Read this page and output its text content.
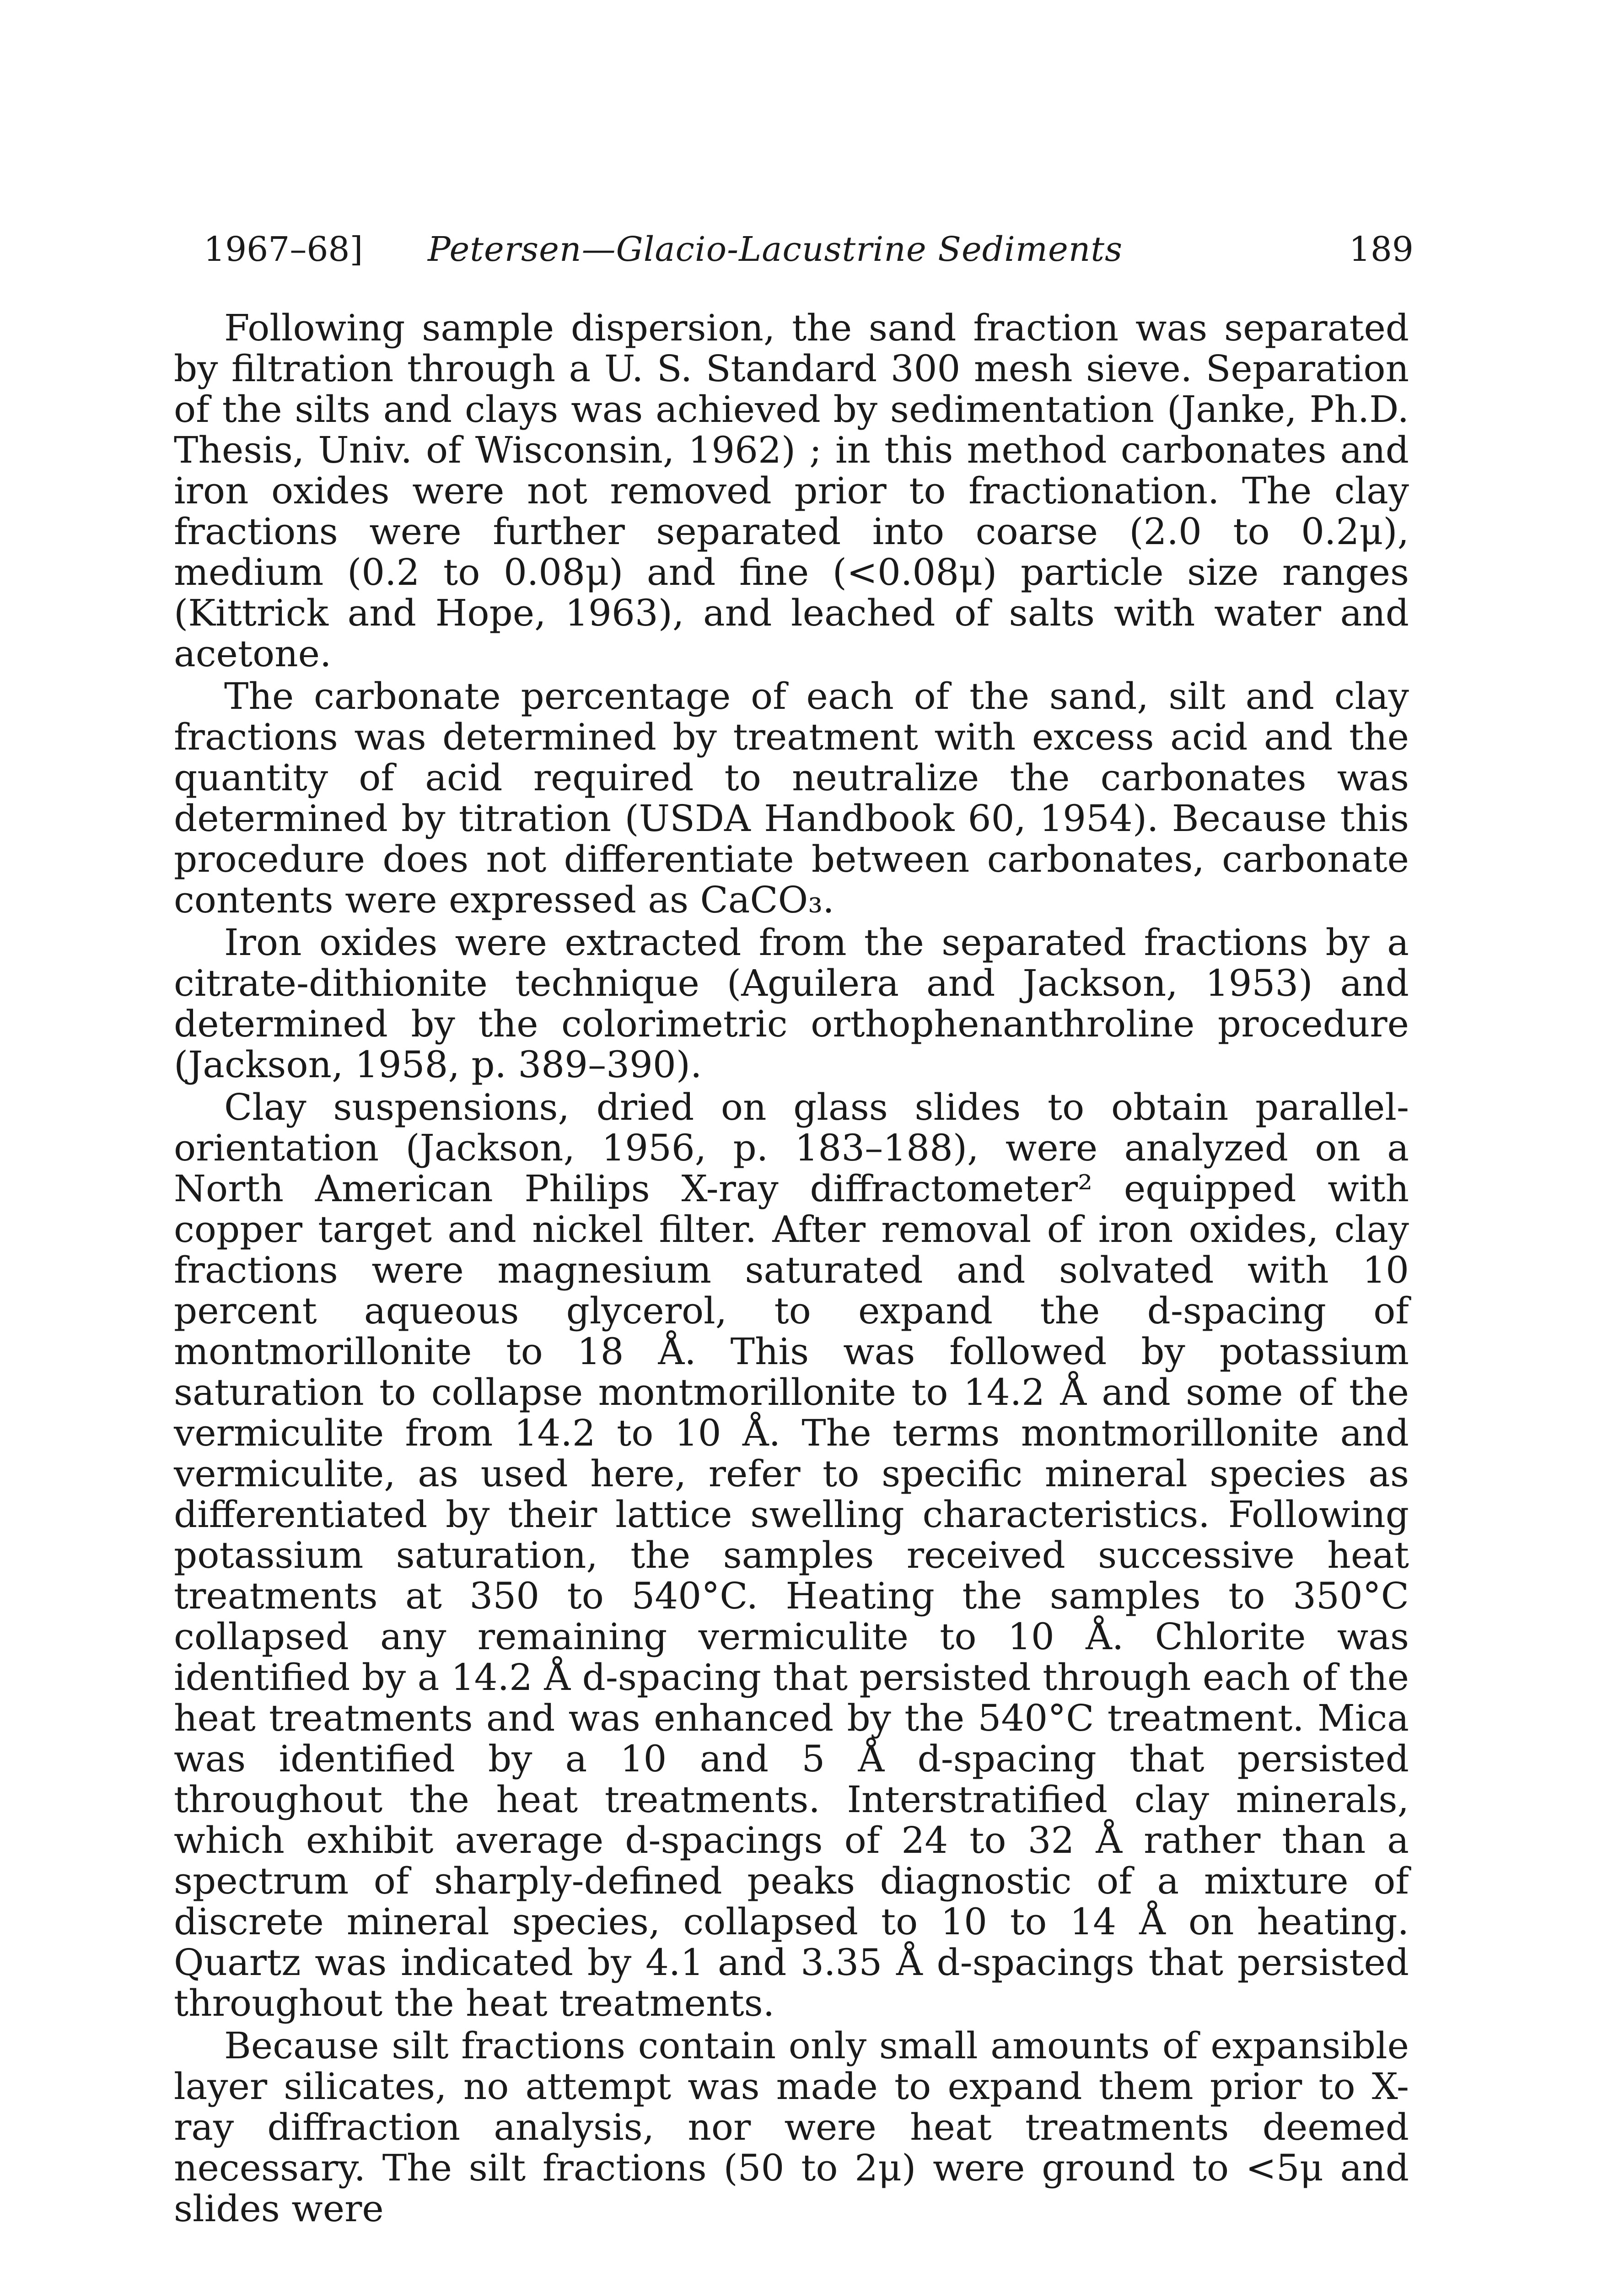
1967–68] Petersen—Glacio-Lacustrine Sediments	189

Following sample dispersion, the sand fraction was separated by filtration through a U. S. Standard 300 mesh sieve. Separation of the silts and clays was achieved by sedimentation (Janke, Ph.D. Thesis, Univ. of Wisconsin, 1962) ; in this method carbonates and iron oxides were not removed prior to fractionation. The clay fractions were further separated into coarse (2.0 to 0.2μ), medium (0.2 to 0.08μ) and fine (<0.08μ) particle size ranges (Kittrick and Hope, 1963), and leached of salts with water and acetone.

The carbonate percentage of each of the sand, silt and clay fractions was determined by treatment with excess acid and the quantity of acid required to neutralize the carbonates was determined by titration (USDA Handbook 60, 1954). Because this procedure does not differentiate between carbonates, carbonate contents were expressed as CaCO₃.

Iron oxides were extracted from the separated fractions by a citrate-dithionite technique (Aguilera and Jackson, 1953) and determined by the colorimetric orthophenanthroline procedure (Jackson, 1958, p. 389–390).

Clay suspensions, dried on glass slides to obtain parallel-orientation (Jackson, 1956, p. 183–188), were analyzed on a North American Philips X-ray diffractometer² equipped with copper target and nickel filter. After removal of iron oxides, clay fractions were magnesium saturated and solvated with 10 percent aqueous glycerol, to expand the d-spacing of montmorillonite to 18 Å. This was followed by potassium saturation to collapse montmorillonite to 14.2 Å and some of the vermiculite from 14.2 to 10 Å. The terms montmorillonite and vermiculite, as used here, refer to specific mineral species as differentiated by their lattice swelling characteristics. Following potassium saturation, the samples received successive heat treatments at 350 to 540°C. Heating the samples to 350°C collapsed any remaining vermiculite to 10 Å. Chlorite was identified by a 14.2 Å d-spacing that persisted through each of the heat treatments and was enhanced by the 540°C treatment. Mica was identified by a 10 and 5 Å d-spacing that persisted throughout the heat treatments. Interstratified clay minerals, which exhibit average d-spacings of 24 to 32 Å rather than a spectrum of sharply-defined peaks diagnostic of a mixture of discrete mineral species, collapsed to 10 to 14 Å on heating. Quartz was indicated by 4.1 and 3.35 Å d-spacings that persisted throughout the heat treatments.

Because silt fractions contain only small amounts of expansible layer silicates, no attempt was made to expand them prior to X-ray diffraction analysis, nor were heat treatments deemed necessary. The silt fractions (50 to 2μ) were ground to <5μ and slides were
